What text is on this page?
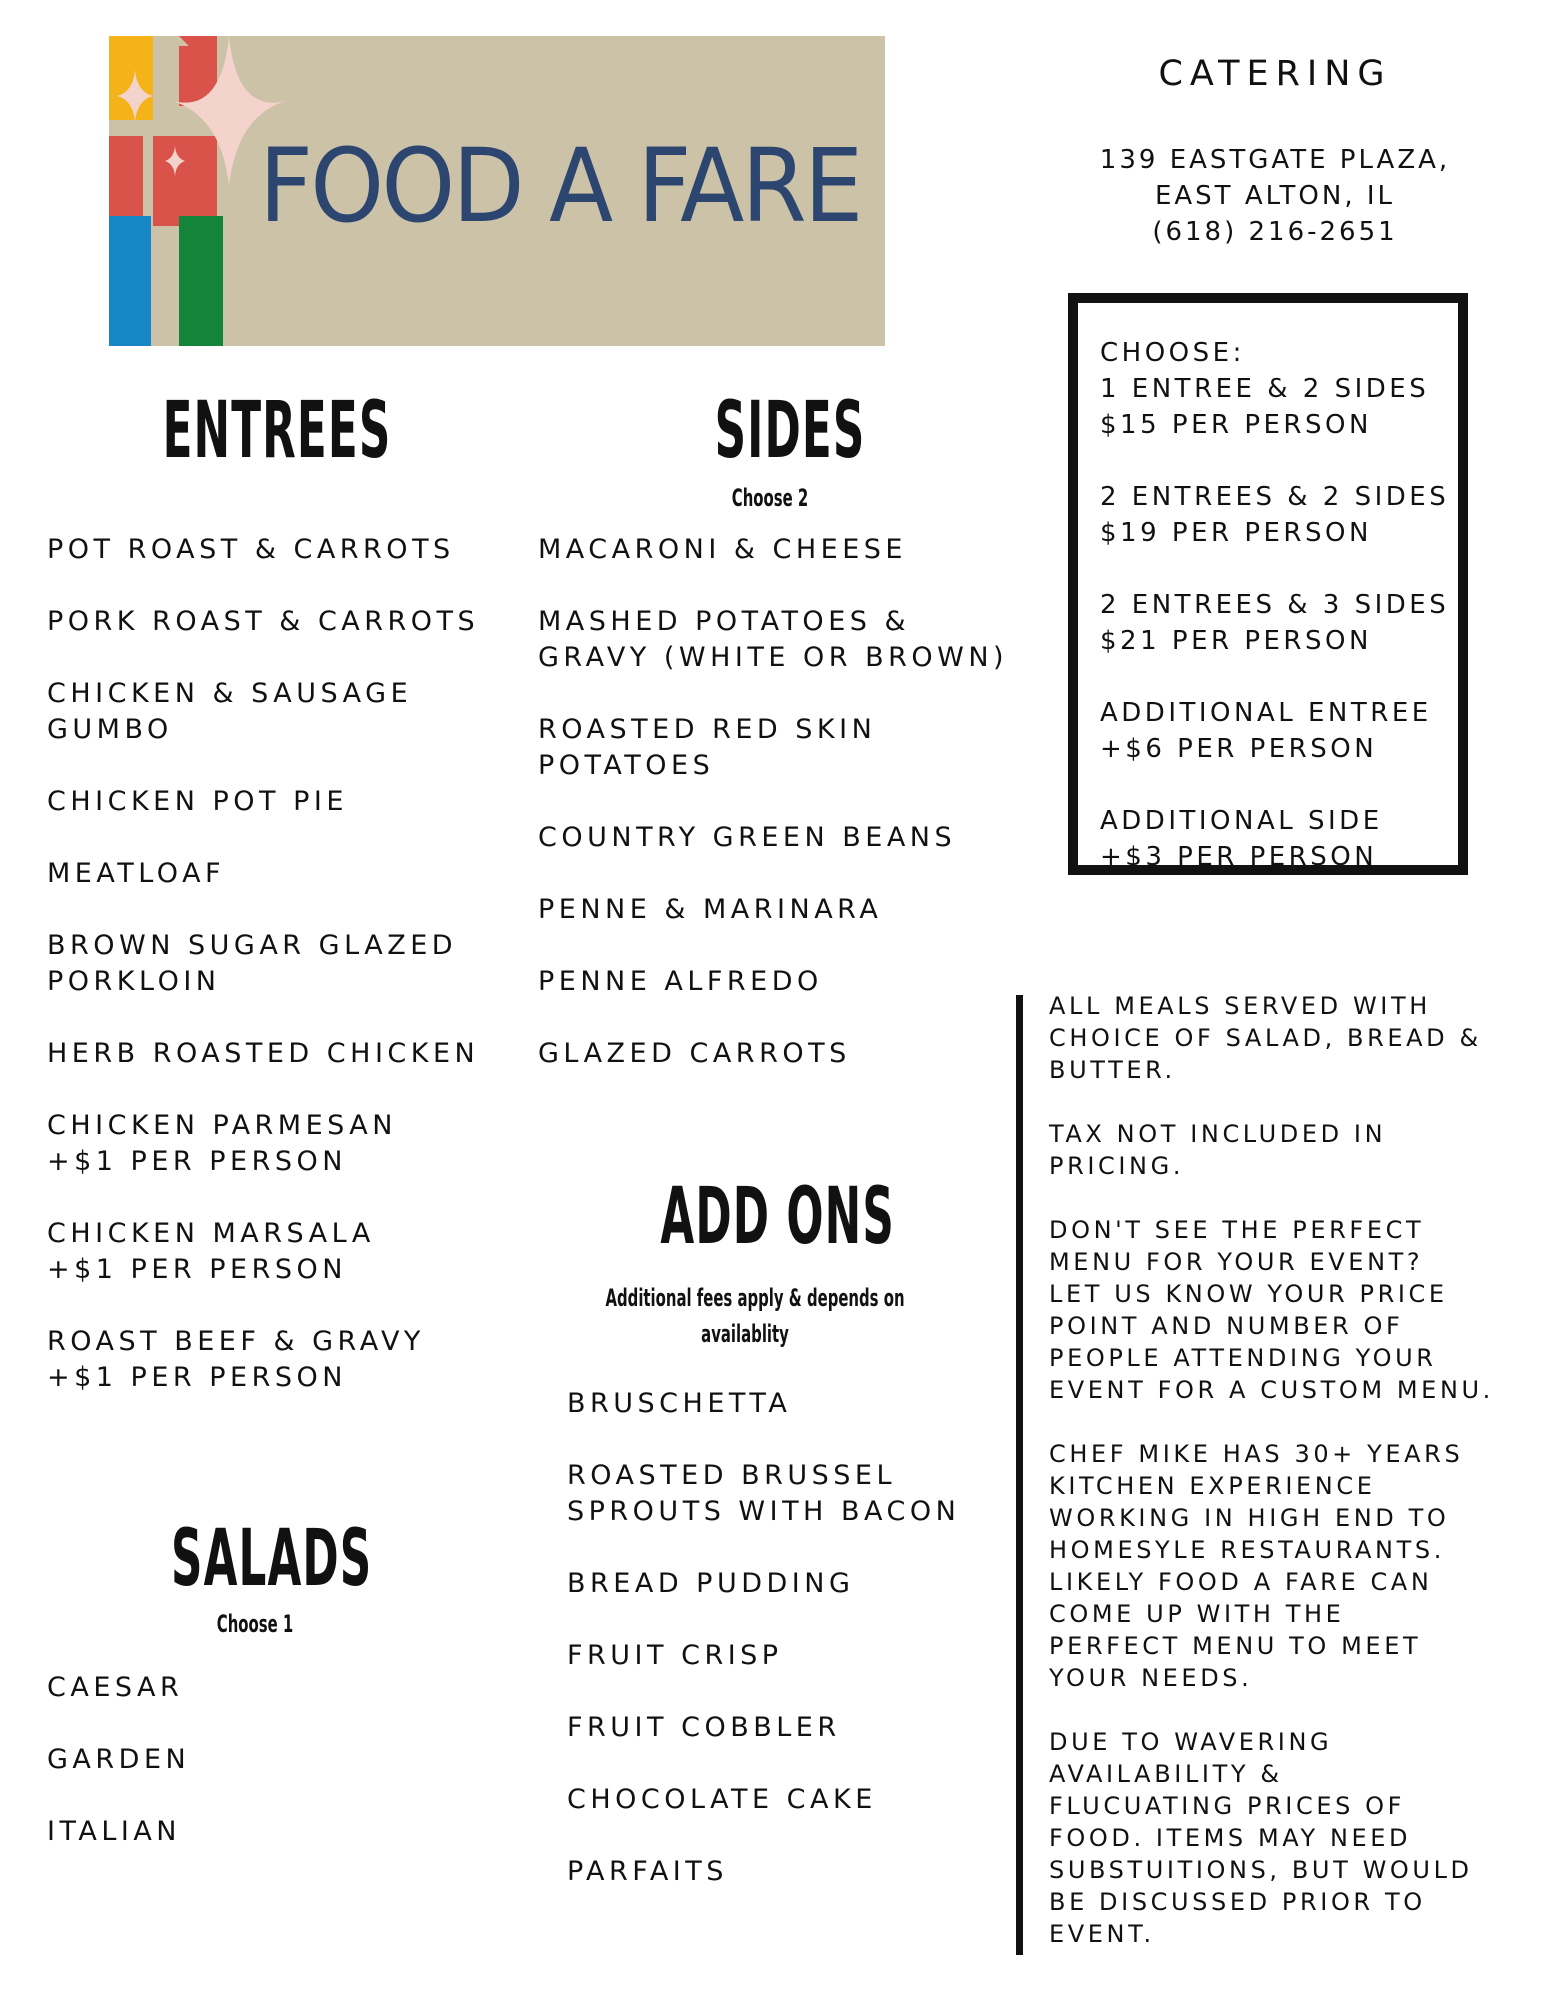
FOOD A FARE
CATERING
139 EASTGATE PLAZA,
EAST ALTON, IL
(618) 216-2651
CHOOSE:
1 ENTREE & 2 SIDES
$15 PER PERSON
2 ENTREES & 2 SIDES
$19 PER PERSON
2 ENTREES & 3 SIDES
$21 PER PERSON
ADDITIONAL ENTREE
+$6 PER PERSON
ADDITIONAL SIDE
+$3 PER PERSON
ENTREES
POT ROAST & CARROTS
PORK ROAST & CARROTS
CHICKEN & SAUSAGE
GUMBO
CHICKEN POT PIE
MEATLOAF
BROWN SUGAR GLAZED
PORKLOIN
HERB ROASTED CHICKEN
CHICKEN PARMESAN
+$1 PER PERSON
CHICKEN MARSALA
+$1 PER PERSON
ROAST BEEF & GRAVY
+$1 PER PERSON
SIDES
Choose 2
MACARONI & CHEESE
MASHED POTATOES &
GRAVY (WHITE OR BROWN)
ROASTED RED SKIN
POTATOES
COUNTRY GREEN BEANS
PENNE & MARINARA
PENNE ALFREDO
GLAZED CARROTS
ADD ONS
Additional fees apply & depends on
availablity
BRUSCHETTA
ROASTED BRUSSEL
SPROUTS WITH BACON
BREAD PUDDING
FRUIT CRISP
FRUIT COBBLER
CHOCOLATE CAKE
PARFAITS
SALADS
Choose 1
CAESAR
GARDEN
ITALIAN
ALL MEALS SERVED WITH
CHOICE OF SALAD, BREAD &
BUTTER.
TAX NOT INCLUDED IN
PRICING.
DON'T SEE THE PERFECT
MENU FOR YOUR EVENT?
LET US KNOW YOUR PRICE
POINT AND NUMBER OF
PEOPLE ATTENDING YOUR
EVENT FOR A CUSTOM MENU.
CHEF MIKE HAS 30+ YEARS
KITCHEN EXPERIENCE
WORKING IN HIGH END TO
HOMESYLE RESTAURANTS.
LIKELY FOOD A FARE CAN
COME UP WITH THE
PERFECT MENU TO MEET
YOUR NEEDS.
DUE TO WAVERING
AVAILABILITY &
FLUCUATING PRICES OF
FOOD. ITEMS MAY NEED
SUBSTUITIONS, BUT WOULD
BE DISCUSSED PRIOR TO
EVENT.
